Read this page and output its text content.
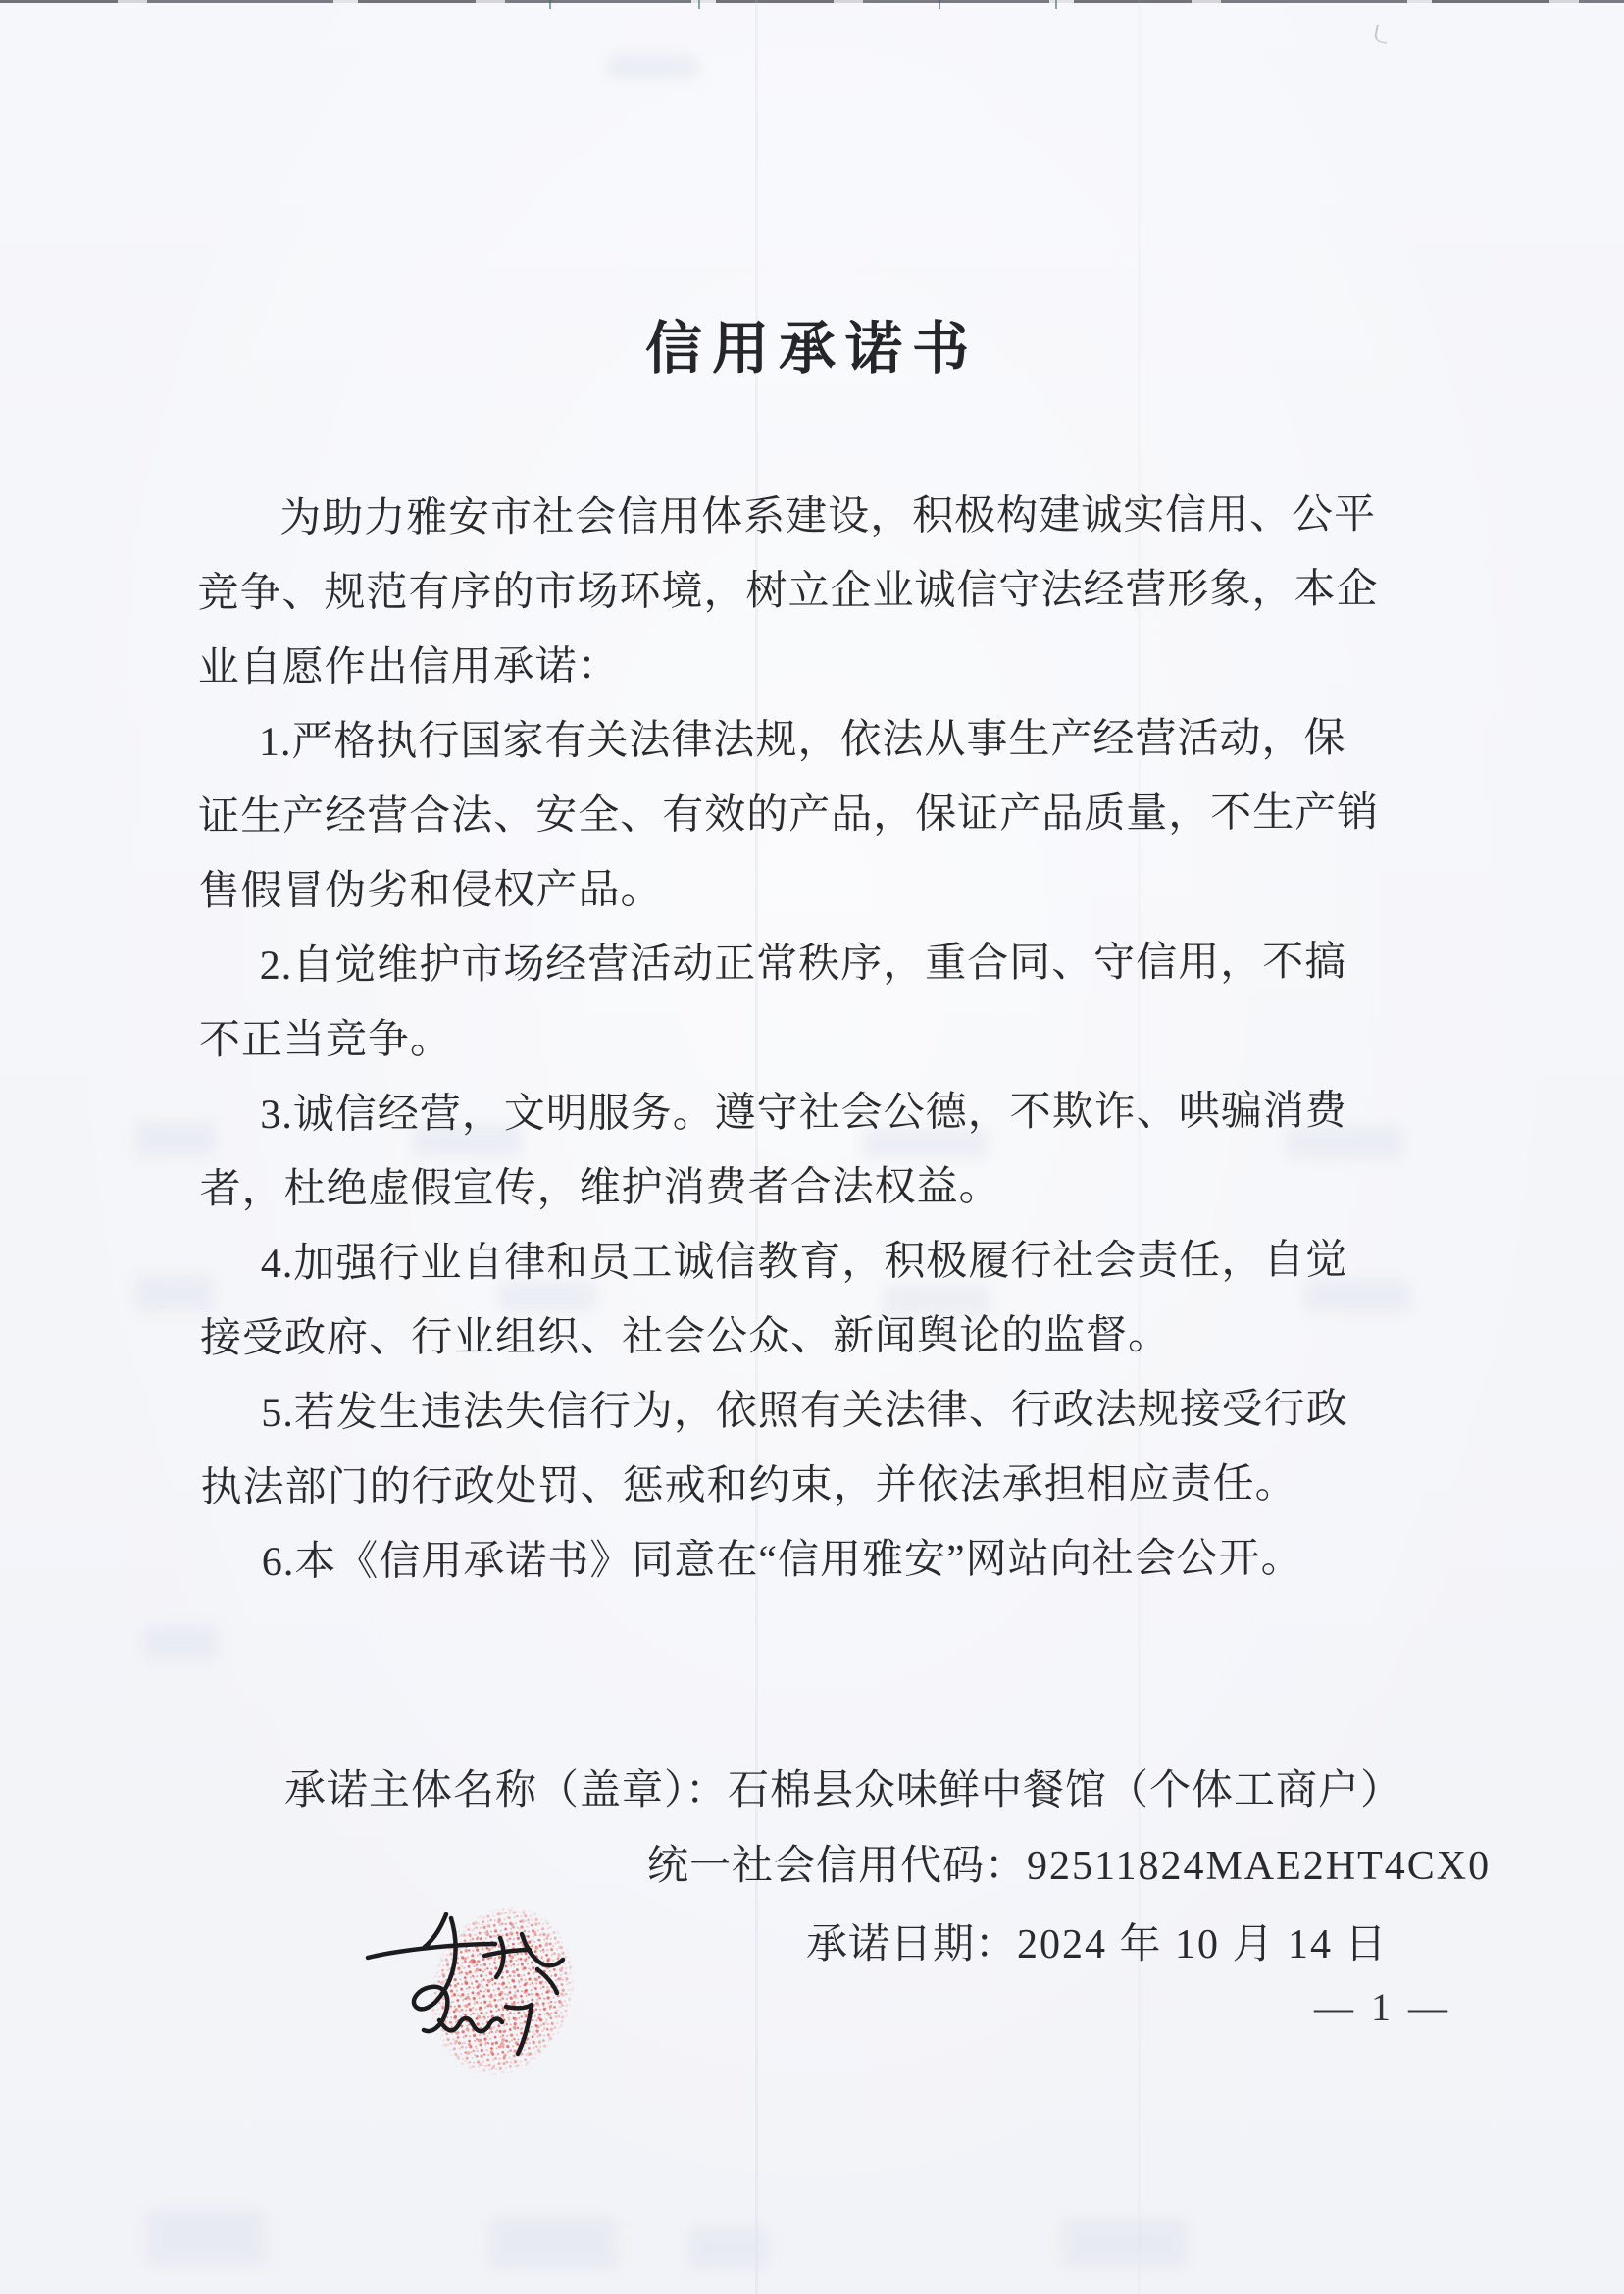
信用承诺书
为助力雅安市社会信用体系建设，积极构建诚实信用、公平
竞争、规范有序的市场环境，树立企业诚信守法经营形象，本企
业自愿作出信用承诺：
1.严格执行国家有关法律法规，依法从事生产经营活动，保
证生产经营合法、安全、有效的产品，保证产品质量，不生产销
售假冒伪劣和侵权产品。
2.自觉维护市场经营活动正常秩序，重合同、守信用，不搞
不正当竞争。
3.诚信经营，文明服务。遵守社会公德，不欺诈、哄骗消费
者，杜绝虚假宣传，维护消费者合法权益。
4.加强行业自律和员工诚信教育，积极履行社会责任，自觉
接受政府、行业组织、社会公众、新闻舆论的监督。
5.若发生违法失信行为，依照有关法律、行政法规接受行政
执法部门的行政处罚、惩戒和约束，并依法承担相应责任。
6.本《信用承诺书》同意在“信用雅安”网站向社会公开。
承诺主体名称（盖章）：石棉县众味鲜中餐馆（个体工商户）
统一社会信用代码：92511824MAE2HT4CX0
承诺日期：2024 年 10 月 14 日
— 1 —
